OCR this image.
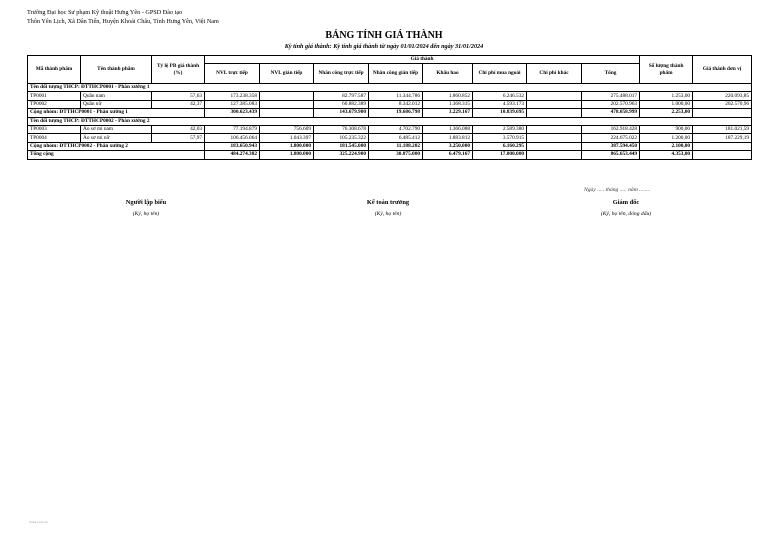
Trường Đại học Sư phạm Kỹ thuật Hưng Yên - GPSD Đào tạo
Thôn Yên Lịch, Xã Dân Tiến, Huyện Khoái Châu, Tỉnh Hưng Yên, Việt Nam
BẢNG TÍNH GIÁ THÀNH
Kỳ tính giá thành: Kỳ tính giá thành từ ngày 01/01/2024 đến ngày 31/01/2024
Mã thành phẩm	Tên thành phẩm	Tỷ lệ PB giá thành (%)	Giá thành								Số lượng thành phẩm	Giá thành đơn vị
			NVL trực tiếp	NVL gián tiếp	Nhân công trực tiếp	Nhân công gián tiếp	Khấu hao	Chi phí mua ngoài	Chi phí khác	Tổng		
Tên đối tượng THCP: ĐTTHCP0001 - Phân xưởng 1												
TP0001	Quần nam	57,63	173.238.358		82.797.587	11.344.786	1.860.852	6.246.532		275.488.017	1.253,00	220.093,85
TP0002	Quần nữ	42,37	127.385.083		60.882.389	8.342.012	1.368.315	4.593.173		202.570.963	1.000,00	202.570,96
Cộng nhóm: ĐTTHCP0001 - Phân xưởng 1			300.623.439		143.679.900	19.686.798	3.229.167	10.839.695		478.058.999	2.253,00	
Tên đối tượng THCP: ĐTTHCP0002 - Phân xưởng 2												
TP0003	Áo sơ mi nam	42,03	77.194.879	756.609	76.308.678	4.702.790	1.366.088	2.589.380		162.918.428	900,00	181.021,59
TP0004	Áo sơ mi nữ	57,97	106.456.064	1.043.397	105.235.322	6.485.412	1.883.812	3.570.915		224.675.022	1.200,00	187.229,19
Cộng nhóm: ĐTTHCP0002 - Phân xưởng 2			183.650.943	1.800.000	181.545.000	11.188.202	3.250.000	6.160.295		387.594.450	2.100,00	
Tổng cộng			484.274.382	1.800.000	325.224.900	30.875.000	6.479.167	17.000.000		865.653.449	4.353,00	
Ngày ..... tháng ..... năm ........
Người lập biểu
(Ký, họ tên)
Kế toán trưởng
(Ký, họ tên)
Giám đốc
(Ký, họ tên, đóng dấu)
misa.com.vn
